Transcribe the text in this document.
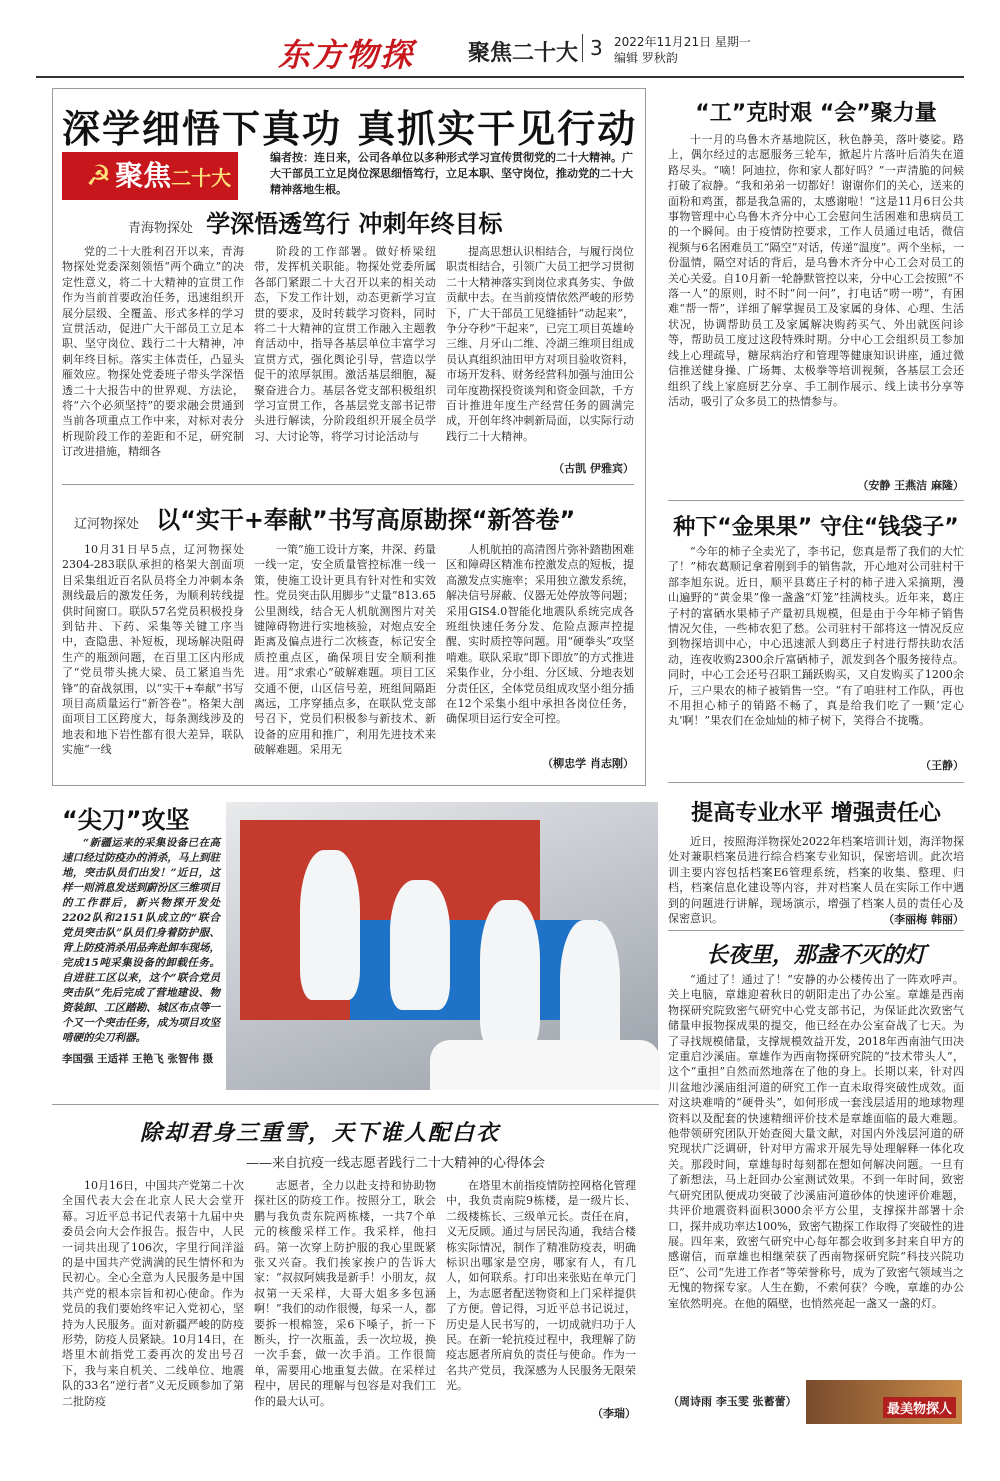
东方物探 聚焦二十大 3 2022年11月21日 星期一
编辑 罗秋韵
深学细悟下真功 真抓实干见行动
☭ 聚焦二十大
编者按：连日来，公司各单位以多种形式学习宣传贯彻党的二十大精神。广大干部员工立足岗位深思细悟笃行，立足本职、坚守岗位，推动党的二十大精神落地生根。
青海物探处 学深悟透笃行 冲刺年终目标

党的二十大胜利召开以来，青海物探处党委深刻领悟“两个确立”的决定性意义，将二十大精神的宣贯工作作为当前首要政治任务，迅速组织开展分层级、全覆盖、形式多样的学习宣贯活动，促进广大干部员工立足本职、坚守岗位、践行二十大精神，冲刺年终目标。落实主体责任，凸显头雁效应。物探处党委班子带头学深悟透二十大报告中的世界观、方法论，将“六个必须坚持”的要求融会贯通到当前各项重点工作中来，对标对表分析现阶段工作的差距和不足，研究制订改进措施，精细各

阶段的工作部署。做好桥梁纽带，发挥机关职能。物探处党委所属各部门紧跟二十大召开以来的相关动态，下发工作计划，动态更新学习宣贯的要求，及时转载学习资料，同时将二十大精神的宣贯工作融入主题教育活动中，指导各基层单位丰富学习宣贯方式，强化舆论引导，营造以学促干的浓厚氛围。激活基层细胞，凝聚奋进合力。基层各党支部积极组织学习宣贯工作，各基层党支部书记带头进行解读，分阶段组织开展全员学习、大讨论等，将学习讨论活动与

提高思想认识相结合，与履行岗位职责相结合，引领广大员工把学习贯彻二十大精神落实到岗位求真务实、争做贡献中去。在当前疫情依然严峻的形势下，广大干部员工见缝插针“动起来”，争分夺秒“干起来”，已完工项目英雄岭三维、月牙山二维、冷湖三维项目组成员认真组织油田甲方对项目验收资料，市场开发科、财务经营科加强与油田公司年度勘探投资谈判和资金回款，千方百计推进年度生产经营任务的圆满完成，开创年终冲刺新局面，以实际行动践行二十大精神。

（古凯 伊雅宾）
辽河物探处 以“实干+奉献”书写高原勘探“新答卷”

10月31日早5点，辽河物探处2304-283联队承担的格架大剖面项目采集组近百名队员将全力冲刺本条测线最后的激发任务，为顺利转线提供时间窗口。联队57名党员积极投身到钻井、下药、采集等关键工序当中，查隐患、补短板，现场解决阻碍生产的瓶颈问题，在百里工区内形成了“党员带头挑大梁、员工紧追当先锋”的奋战氛围，以“实干+奉献”书写项目高质量运行“新答卷”。格架大剖面项目工区跨度大，每条测线涉及的地表和地下岩性都有很大差异，联队实施“一线

一策”施工设计方案，井深、药量一线一定，安全质量管控标准一线一策，使施工设计更具有针对性和实效性。党员突击队用脚步“丈量”813.65公里测线，结合无人机航测图片对关键障碍物进行实地核验，对炮点安全距离及偏点进行二次核查，标记安全质控重点区，确保项目安全顺利推进。用“求索心”破解难题。项目工区交通不便，山区信号差，班组间隔距离远，工序穿插点多，在联队党支部号召下，党员们积极参与新技术、新设备的应用和推广，利用先进技术来破解难题。采用无

人机航拍的高清图片弥补踏勘困难区和障碍区精准布控激发点的短板，提高激发点实施率；采用独立激发系统，解决信号屏蔽、仪器无处停放等问题；采用GIS4.0智能化地震队系统完成各班组快速任务分发、危险点源声控提醒、实时质控等问题。用“硬拳头”攻坚啃难。联队采取“即下即放”的方式推进采集作业，分小组、分区域、分地表划分责任区，全体党员组成攻坚小组分插在12个采集小组中承担各岗位任务，确保项目运行安全可控。

（柳忠学 肖志刚）
“尖刀”攻坚

“新疆运来的采集设备已在高速口经过防疫办的消杀，马上到驻地，突击队员们出发！”近日，这样一则消息发送到蔚汾区三维项目的工作群后，新兴物探开发处2202队和2151队成立的“联合党员突击队”队员们身着防护服、背上防疫消杀用品奔赴卸车现场，完成15吨采集设备的卸载任务。自进驻工区以来，这个“联合党员突击队”先后完成了营地建设、物资装卸、工区踏勘、城区布点等一个又一个突击任务，成为项目攻坚啃硬的尖刀利器。

李国强 王适祥 王艳飞 张智伟 摄
除却君身三重雪，天下谁人配白衣
——来自抗疫一线志愿者践行二十大精神的心得体会

10月16日，中国共产党第二十次全国代表大会在北京人民大会堂开幕。习近平总书记代表第十九届中央委员会向大会作报告。报告中，人民一词共出现了106次，字里行间洋溢的是中国共产党满满的民生情怀和为民初心。全心全意为人民服务是中国共产党的根本宗旨和初心使命。作为党员的我们要始终牢记入党初心，坚持为人民服务。面对新疆严峻的防疫形势，防疫人员紧缺。10月14日，在塔里木前指党工委再次的发出号召下，我与来自机关、二线单位、地震队的33名“逆行者”义无反顾参加了第二批防疫

志愿者，全力以赴支持和协助物探社区的防疫工作。按照分工，耿会鹏与我负责东院两栋楼，一共7个单元的核酸采样工作。我采样，他扫码。第一次穿上防护服的我心里既紧张又兴奋。我们挨家挨户的告诉大家：“叔叔阿姨我是新手！小朋友，叔叔第一天采样，大哥大姐多多包涵啊！”我们的动作很慢，每采一人，都要拆一根棉签，采6下嗓子，折一下断头，拧一次瓶盖，丢一次垃圾，换一次手套，做一次手消。工作很简单，需要用心地重复去做。在采样过程中，居民的理解与包容是对我们工作的最大认可。

在塔里木前指疫情防控网格化管理中，我负责南院9栋楼，是一级片长、二级楼栋长、三级单元长。责任在肩，义无反顾。通过与居民沟通，我结合楼栋实际情况，制作了精准防疫表，明确标识出哪家是空房，哪家有人，有几人，如何联系。打印出来张贴在单元门上，为志愿者配送物资和上门采样提供了方便。曾记得，习近平总书记说过，历史是人民书写的，一切成就归功于人民。在新一轮抗疫过程中，我理解了防疫志愿者所肩负的责任与使命。作为一名共产党员，我深感为人民服务无限荣光。

（李瑞）
“工”克时艰 “会”聚力量

十一月的乌鲁木齐基地院区，秋色静美，落叶婆娑。路上，偶尔经过的志愿服务三轮车，掀起片片落叶后消失在道路尽头。“嘀！阿迪拉，你和家人都好吗？”一声清脆的问候打破了寂静。“我和弟弟一切都好！谢谢你们的关心，送来的面粉和鸡蛋，都是我急需的，太感谢啦！”这是11月6日公共事物管理中心乌鲁木齐分中心工会慰问生活困难和患病员工的一个瞬间。由于疫情防控要求，工作人员通过电话，微信视频与6名困难员工“隔空”对话，传递“温度”。两个坐标，一份温情，隔空对话的背后，是乌鲁木齐分中心工会对员工的关心关爱。自10月新一轮静默管控以来，分中心工会按照“不落一人”的原则，时不时“问一问”，打电话“唠一唠”，有困难“帮一帮”，详细了解掌握员工及家属的身体、心理、生活状况，协调帮助员工及家属解决购药买气、外出就医问诊等，帮助员工度过这段特殊时期。分中心工会组织员工参加线上心理疏导，糖尿病治疗和管理等健康知识讲座，通过微信推送健身操、广场舞、太极拳等培训视频，各基层工会还组织了线上家庭厨艺分享、手工制作展示、线上读书分享等活动，吸引了众多员工的热情参与。

（安静 王燕洁 麻隆）
种下“金果果” 守住“钱袋子”

“今年的柿子全卖光了，李书记，您真是帮了我们的大忙了！”柿农葛顺记拿着刚到手的销售款，开心地对公司驻村干部李旭东说。近日，顺平县葛庄子村的柿子进入采摘期，漫山遍野的“黄金果”像一盏盏“灯笼”挂满枝头。近年来，葛庄子村的富硒水果柿子产量初具规模，但是由于今年柿子销售情况欠佳，一些柿农犯了愁。公司驻村干部将这一情况反应到物探培训中心，中心迅速派人到葛庄子村进行帮扶助农活动，连夜收购2300余斤富硒柿子，派发到各个服务接待点。同时，中心工会还号召职工踊跃购买，又自发购买了1200余斤，三户果农的柿子被销售一空。“有了咱驻村工作队，再也不用担心柿子的销路不畅了，真是给我们吃了一颗‘定心丸’啊！”果农们在金灿灿的柿子树下，笑得合不拢嘴。

（王静）
提高专业水平 增强责任心

近日，按照海洋物探处2022年档案培训计划，海洋物探处对兼职档案员进行综合档案专业知识，保密培训。此次培训主要内容包括档案E6管理系统，档案的收集、整理、归档，档案信息化建设等内容，并对档案人员在实际工作中遇到的问题进行讲解，现场演示，增强了档案人员的责任心及保密意识。	（李丽梅 韩丽）
长夜里，那盏不灭的灯

“通过了！通过了！”安静的办公楼传出了一阵欢呼声。关上电脑，章雄迎着秋日的朝阳走出了办公室。章雄是西南物探研究院致密气研究中心党支部书记，为保证此次致密气储量申报物探成果的提交，他已经在办公室奋战了七天。为了寻找规模储量，支撑规模效益开发，2018年西南油气田决定重启沙溪庙。章雄作为西南物探研究院的“技术带头人”，这个“重担”自然而然地落在了他的身上。长期以来，针对四川盆地沙溪庙组河道的研究工作一直未取得突破性成效。面对这块难啃的“硬骨头”，如何形成一套浅层适用的地球物理资料以及配套的快速精细评价技术是章雄面临的最大难题。他带领研究团队开始查阅大量文献，对国内外浅层河道的研究现状广泛调研，针对甲方需求开展先导处理解释一体化攻关。那段时间，章雄每时每刻都在想如何解决问题。一旦有了新想法，马上赶回办公室测试效果。不到一年时间，致密气研究团队便成功突破了沙溪庙河道砂体的快速评价难题，共评价地震资料面积3000余平方公里，支撑探井部署十余口，探井成功率达100%，致密气勘探工作取得了突破性的进展。四年来，致密气研究中心每年都会收到多封来自甲方的感谢信，而章雄也相继荣获了西南物探研究院“科技兴院功臣”、公司“先进工作者”等荣誉称号，成为了致密气领域当之无愧的物探专家。人生在勤，不索何获？今晚，章雄的办公室依然明亮。在他的隔壁，也悄然亮起一盏又一盏的灯。

（周诗雨 李玉雯 张蓄蕾）
最美物探人
